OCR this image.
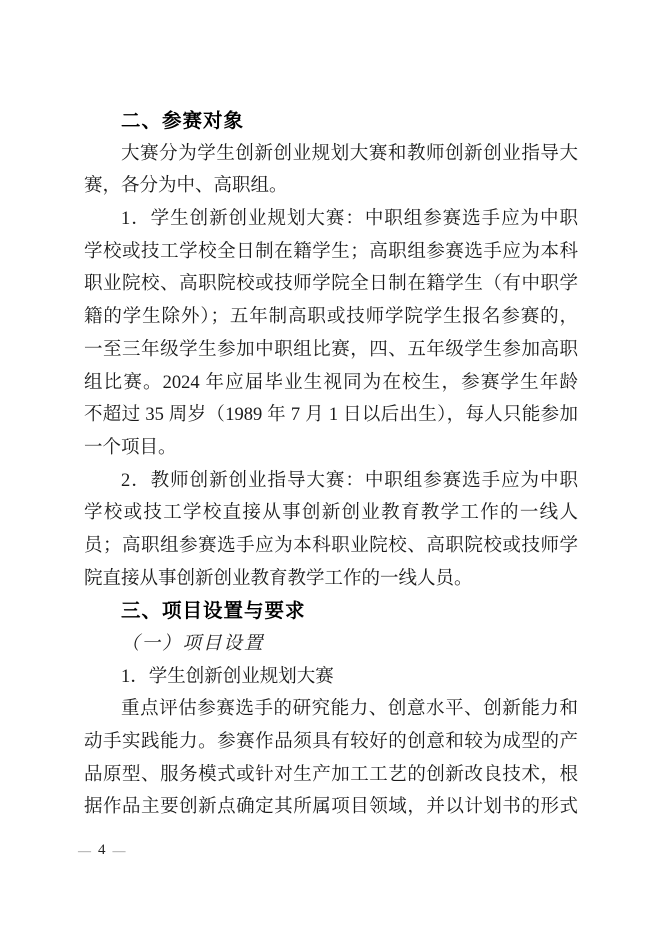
二、参赛对象
大赛分为学生创新创业规划大赛和教师创新创业指导大
赛，各分为中、高职组。
1．学生创新创业规划大赛：中职组参赛选手应为中职
学校或技工学校全日制在籍学生；高职组参赛选手应为本科
职业院校、高职院校或技师学院全日制在籍学生（有中职学
籍的学生除外）；五年制高职或技师学院学生报名参赛的，
一至三年级学生参加中职组比赛，四、五年级学生参加高职
组比赛。2024 年应届毕业生视同为在校生，参赛学生年龄
不超过 35 周岁（1989 年 7 月 1 日以后出生），每人只能参加
一个项目。
2．教师创新创业指导大赛：中职组参赛选手应为中职
学校或技工学校直接从事创新创业教育教学工作的一线人
员；高职组参赛选手应为本科职业院校、高职院校或技师学
院直接从事创新创业教育教学工作的一线人员。
三、项目设置与要求
（一）项目设置
1．学生创新创业规划大赛
重点评估参赛选手的研究能力、创意水平、创新能力和
动手实践能力。参赛作品须具有较好的创意和较为成型的产
品原型、服务模式或针对生产加工工艺的创新改良技术，根
据作品主要创新点确定其所属项目领域，并以计划书的形式
— 4 —
